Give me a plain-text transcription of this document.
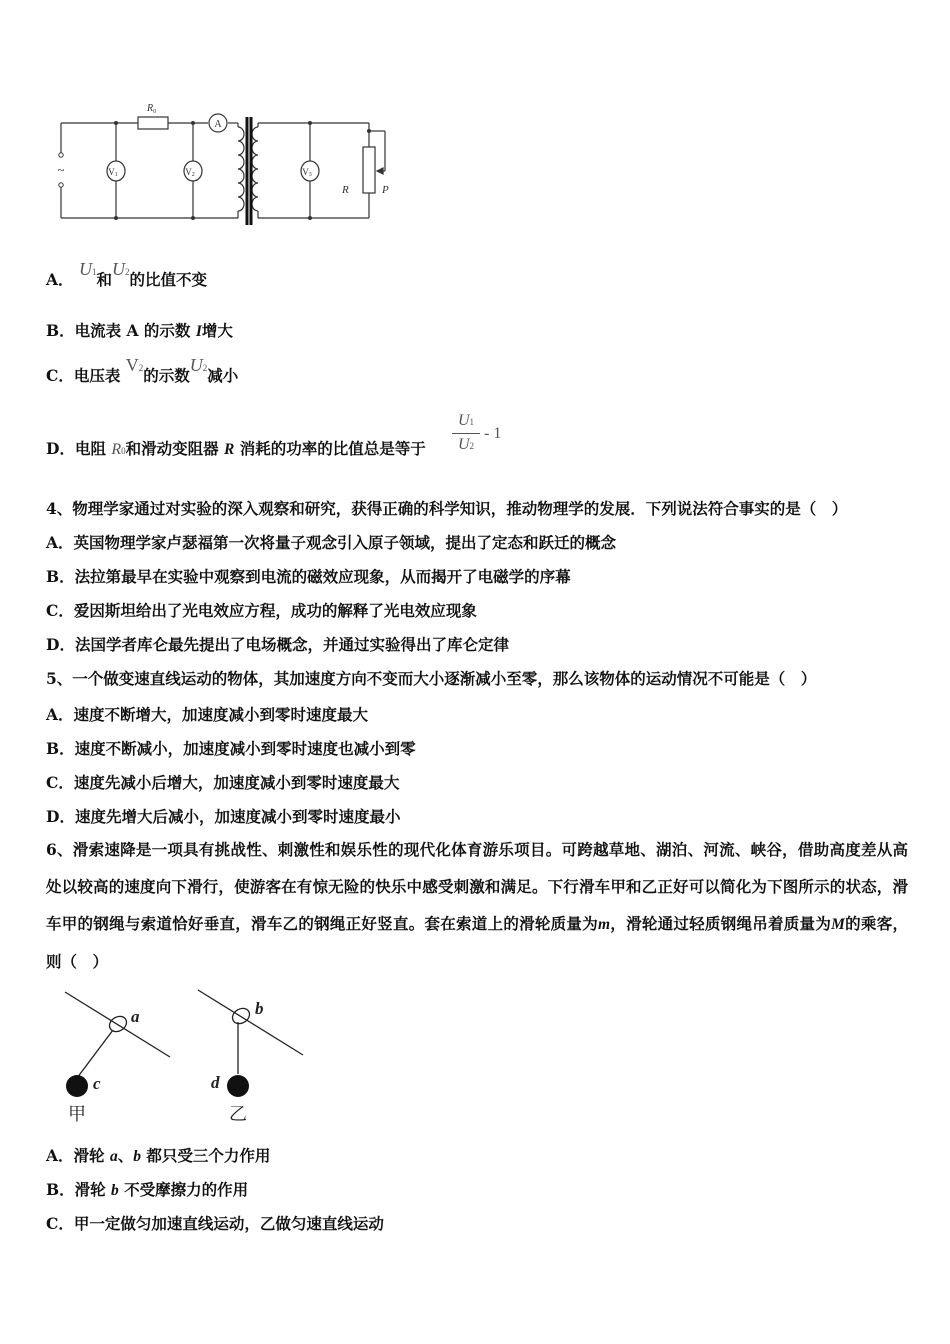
~
$R_0$
A
V1	V2	V3
R	P
A． U1和U2的比值不变
B．电流表 A 的示数 I增大
C．电压表 V2的示数U2减小
D．电阻 R0和滑动变阻器 R 消耗的功率的比值总是等于
U1
U2
- 1
4、物理学家通过对实验的深入观察和研究，获得正确的科学知识，推动物理学的发展．下列说法符合事实的是（　）
A．英国物理学家卢瑟福第一次将量子观念引入原子领域，提出了定态和跃迁的概念
B．法拉第最早在实验中观察到电流的磁效应现象，从而揭开了电磁学的序幕
C．爱因斯坦给出了光电效应方程，成功的解释了光电效应现象
D．法国学者库仑最先提出了电场概念，并通过实验得出了库仑定律
5、一个做变速直线运动的物体，其加速度方向不变而大小逐渐减小至零，那么该物体的运动情况不可能是（　）
A．速度不断增大，加速度减小到零时速度最大
B．速度不断减小，加速度减小到零时速度也减小到零
C．速度先减小后增大，加速度减小到零时速度最大
D．速度先增大后减小，加速度减小到零时速度最小
6、滑索速降是一项具有挑战性、刺激性和娱乐性的现代化体育游乐项目。可跨越草地、湖泊、河流、峡谷，借助高度差从高处以较高的速度向下滑行，使游客在有惊无险的快乐中感受刺激和满足。下行滑车甲和乙正好可以简化为下图所示的状态，滑车甲的钢绳与索道恰好垂直，滑车乙的钢绳正好竖直。套在索道上的滑轮质量为m，滑轮通过轻质钢绳吊着质量为M的乘客，则（　）
a	b
c	d
甲	乙
A．滑轮 a、b 都只受三个力作用
B．滑轮 b 不受摩擦力的作用
C．甲一定做匀加速直线运动，乙做匀速直线运动
